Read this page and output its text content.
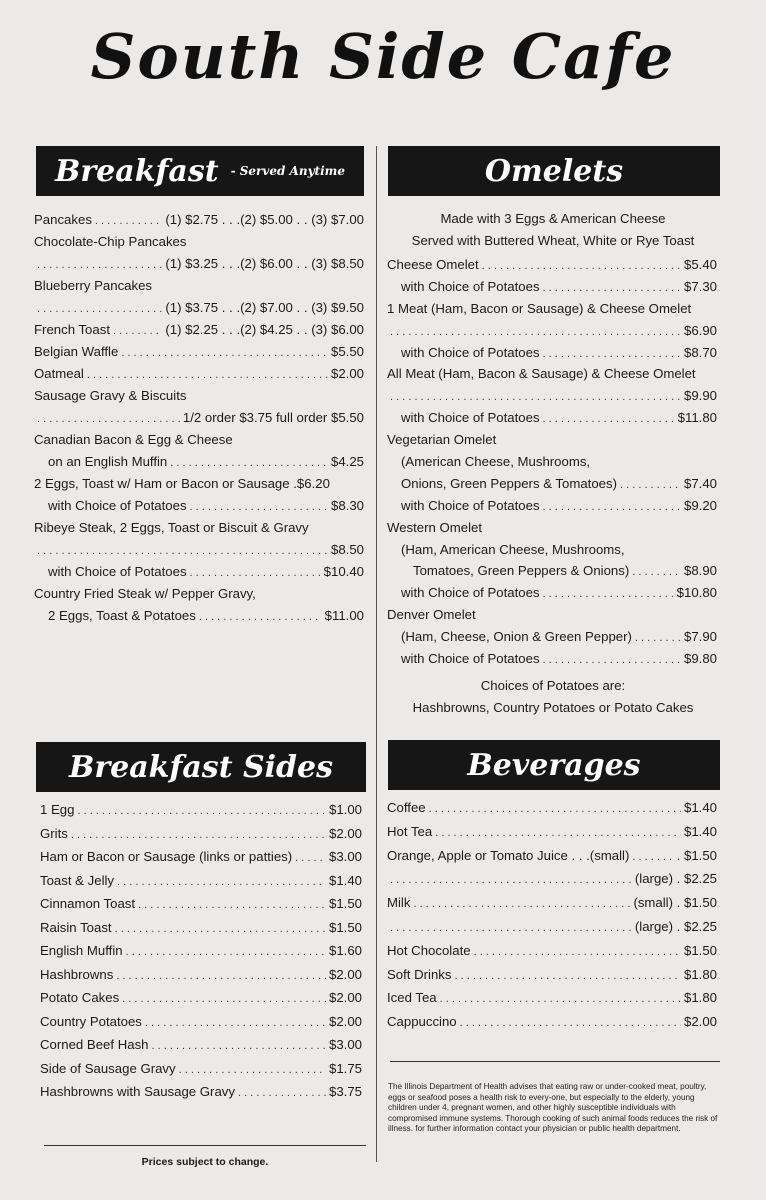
South Side Cafe
Breakfast - Served Anytime
Pancakes . . .	(1) $2.75 . . .(2) $5.00 . . (3) $7.00
Chocolate-Chip Pancakes
. . .
(1) $3.25 . . .(2) $6.00 . . (3) $8.50
Blueberry Pancakes
. . .
(1) $3.75 . . .(2) $7.00 . . (3) $9.50
French Toast . . .	(1) $2.25 . . .(2) $4.25 . . (3) $6.00
Belgian Waffle . . .	$5.50
Oatmeal . . .	$2.00
Sausage Gravy & Biscuits
. . .
1/2 order $3.75 full order $5.50
Canadian Bacon & Egg & Cheese
on an English Muffin . . .	$4.25
2 Eggs, Toast w/ Ham or Bacon or Sausage .$6.20
with Choice of Potatoes . . .	$8.30
Ribeye Steak, 2 Eggs, Toast or Biscuit & Gravy
. . .
$8.50
with Choice of Potatoes . . .	$10.40
Country Fried Steak w/ Pepper Gravy,
2 Eggs, Toast & Potatoes . . .	$11.00
Omelets
Made with 3 Eggs & American Cheese
Served with Buttered Wheat, White or Rye Toast
Cheese Omelet . . .	$5.40
with Choice of Potatoes . . .	$7.30
1 Meat (Ham, Bacon or Sausage) & Cheese Omelet
. . .
$6.90
with Choice of Potatoes . . .	$8.70
All Meat (Ham, Bacon & Sausage) & Cheese Omelet
. . .
$9.90
with Choice of Potatoes . . .	$11.80
Vegetarian Omelet
(American Cheese, Mushrooms,
Onions, Green Peppers & Tomatoes) . . .	$7.40
with Choice of Potatoes . . .	$9.20
Western Omelet
(Ham, American Cheese, Mushrooms,
Tomatoes, Green Peppers & Onions) . . .	$8.90
with Choice of Potatoes . . .	$10.80
Denver Omelet
(Ham, Cheese, Onion & Green Pepper) . . .	$7.90
with Choice of Potatoes . . .	$9.80
Choices of Potatoes are:
Hashbrowns, Country Potatoes or Potato Cakes
Breakfast Sides
1 Egg . . .	$1.00
Grits . . .	$2.00
Ham or Bacon or Sausage (links or patties) . . .	$3.00
Toast & Jelly . . .	$1.40
Cinnamon Toast . . .	$1.50
Raisin Toast . . .	$1.50
English Muffin . . .	$1.60
Hashbrowns . . .	$2.00
Potato Cakes . . .	$2.00
Country Potatoes . . .	$2.00
Corned Beef Hash . . .	$3.00
Side of Sausage Gravy . . .	$1.75
Hashbrowns with Sausage Gravy . . .	$3.75
Prices subject to change.
Beverages
Coffee . . .	$1.40
Hot Tea . . .	$1.40
Orange, Apple or Tomato Juice . . .(small) . . .	. $1.50
. . .
(large) . $2.25
Milk . . .	(small) . $1.50
. . .
(large) . $2.25
Hot Chocolate . . .	$1.50
Soft Drinks . . .	$1.80
Iced Tea . . .	$1.80
Cappuccino . . .	$2.00
The Illinois Department of Health advises that eating raw or under-cooked meat, poultry, eggs or seafood poses a health risk to every-one, but especially to the elderly, young children under 4, pregnant women, and other highly susceptible individuals with compromised immune systems. Thorough cooking of such animal foods reduces the risk of illness. for further information contact your physician or public health department.
